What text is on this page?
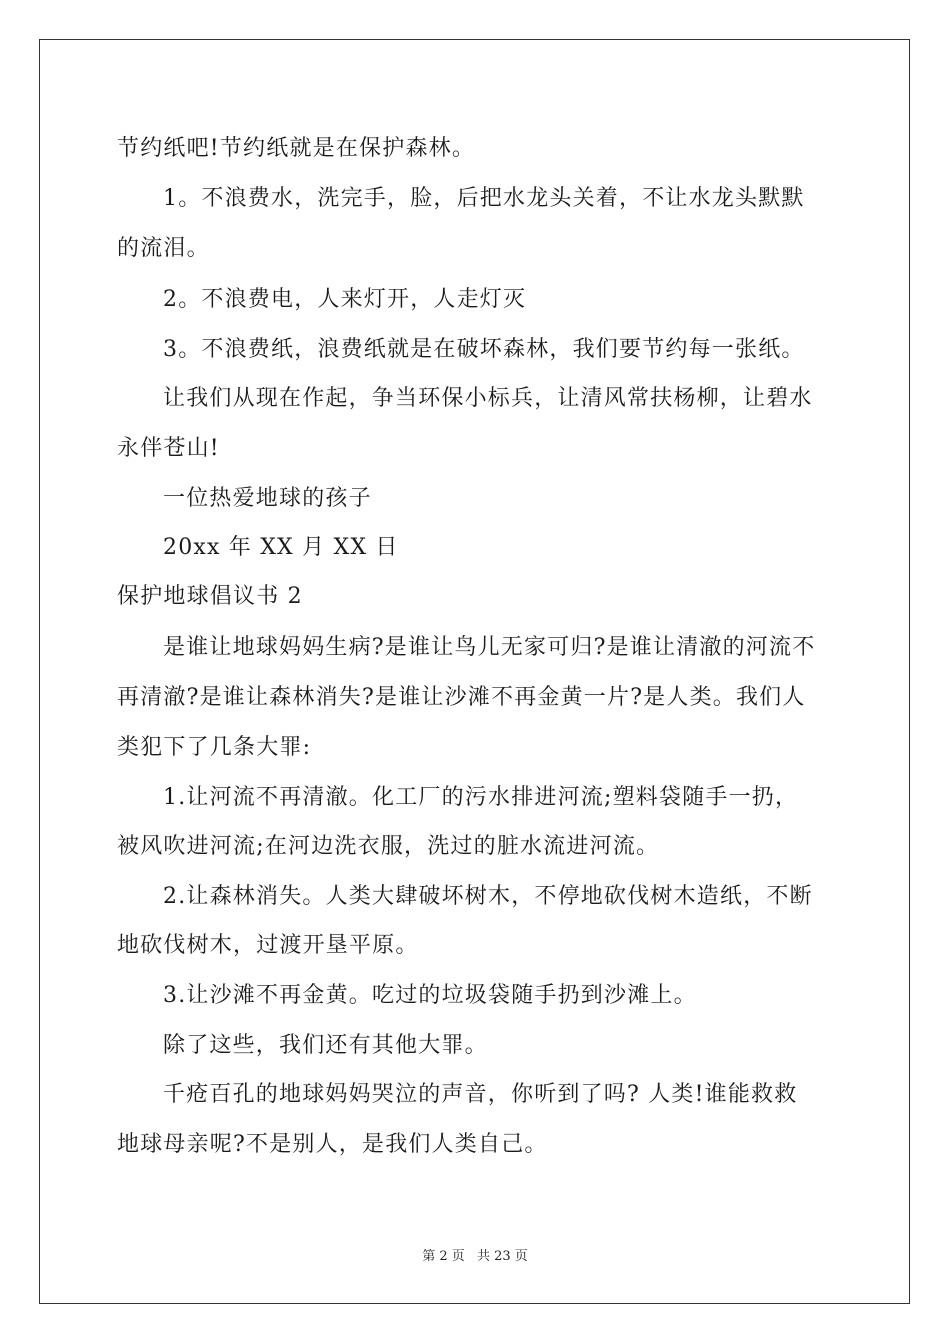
节约纸吧!节约纸就是在保护森林。
1。不浪费水，洗完手，脸，后把水龙头关着，不让水龙头默默
的流泪。
2。不浪费电，人来灯开，人走灯灭
3。不浪费纸，浪费纸就是在破坏森林，我们要节约每一张纸。
让我们从现在作起，争当环保小标兵，让清风常扶杨柳，让碧水
永伴苍山!
一位热爱地球的孩子
20xx 年 XX 月 XX 日
保护地球倡议书 2
是谁让地球妈妈生病?是谁让鸟儿无家可归?是谁让清澈的河流不
再清澈?是谁让森林消失?是谁让沙滩不再金黄一片?是人类。我们人
类犯下了几条大罪:
1.让河流不再清澈。化工厂的污水排进河流;塑料袋随手一扔，
被风吹进河流;在河边洗衣服，洗过的脏水流进河流。
2.让森林消失。人类大肆破坏树木，不停地砍伐树木造纸，不断
地砍伐树木，过渡开垦平原。
3.让沙滩不再金黄。吃过的垃圾袋随手扔到沙滩上。
除了这些，我们还有其他大罪。
千疮百孔的地球妈妈哭泣的声音，你听到了吗? 人类!谁能救救
地球母亲呢?不是别人，是我们人类自己。
第 2 页 共 23 页
